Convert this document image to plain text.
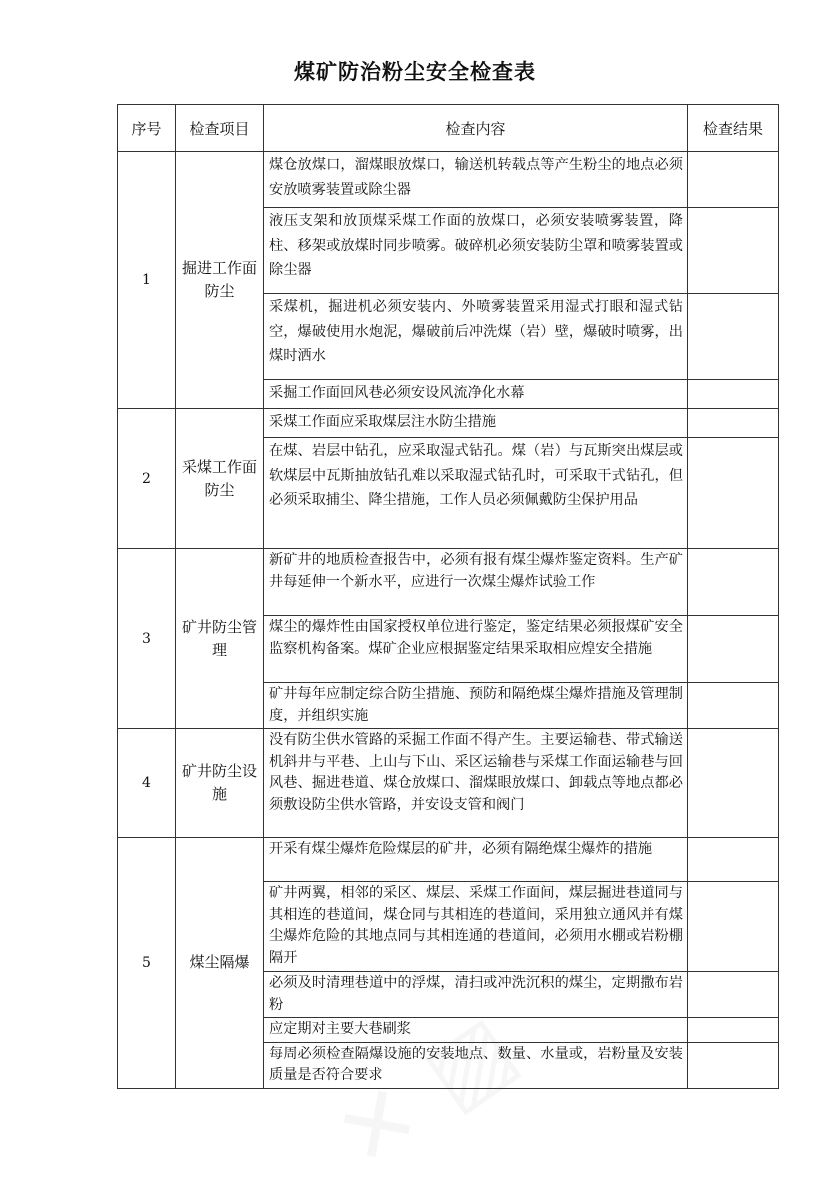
煤矿防治粉尘安全检查表
序号	检查项目	检查内容	检查结果
1	掘进工作面防尘	煤仓放煤口，溜煤眼放煤口，输送机转载点等产生粉尘的地点必须安放喷雾装置或除尘器	
		液压支架和放顶煤采煤工作面的放煤口，必须安装喷雾装置，降柱、移架或放煤时同步喷雾。破碎机必须安装防尘罩和喷雾装置或除尘器	
		采煤机，掘进机必须安装内、外喷雾装置采用湿式打眼和湿式钻空，爆破使用水炮泥，爆破前后冲洗煤（岩）壁，爆破时喷雾，出煤时洒水	
		采掘工作面回风巷必须安设风流净化水幕	
2	采煤工作面防尘	采煤工作面应采取煤层注水防尘措施	
		在煤、岩层中钻孔，应采取湿式钻孔。煤（岩）与瓦斯突出煤层或软煤层中瓦斯抽放钻孔难以采取湿式钻孔时，可采取干式钻孔，但必须采取捕尘、降尘措施，工作人员必须佩戴防尘保护用品	
3	矿井防尘管理	新矿井的地质检查报告中，必须有报有煤尘爆炸鉴定资料。生产矿井每延伸一个新水平，应进行一次煤尘爆炸试验工作	
		煤尘的爆炸性由国家授权单位进行鉴定，鉴定结果必须报煤矿安全监察机构备案。煤矿企业应根据鉴定结果采取相应煌安全措施	
		矿井每年应制定综合防尘措施、预防和隔绝煤尘爆炸措施及管理制度，并组织实施	
4	矿井防尘设施	没有防尘供水管路的采掘工作面不得产生。主要运输巷、带式输送机斜井与平巷、上山与下山、采区运输巷与采煤工作面运输巷与回风巷、掘进巷道、煤仓放煤口、溜煤眼放煤口、卸载点等地点都必须敷设防尘供水管路，并安设支管和阀门	
5	煤尘隔爆	开采有煤尘爆炸危险煤层的矿井，必须有隔绝煤尘爆炸的措施	
		矿井两翼，相邻的采区、煤层、采煤工作面间，煤层掘进巷道同与其相连的巷道间，煤仓同与其相连的巷道间，采用独立通风并有煤尘爆炸危险的其地点同与其相连通的巷道间，必须用水棚或岩粉棚隔开	
		必须及时清理巷道中的浮煤，清扫或冲洗沉积的煤尘，定期撒布岩粉	
		应定期对主要大巷刷浆	
		每周必须检查隔爆设施的安装地点、数量、水量或，岩粉量及安装质量是否符合要求	
